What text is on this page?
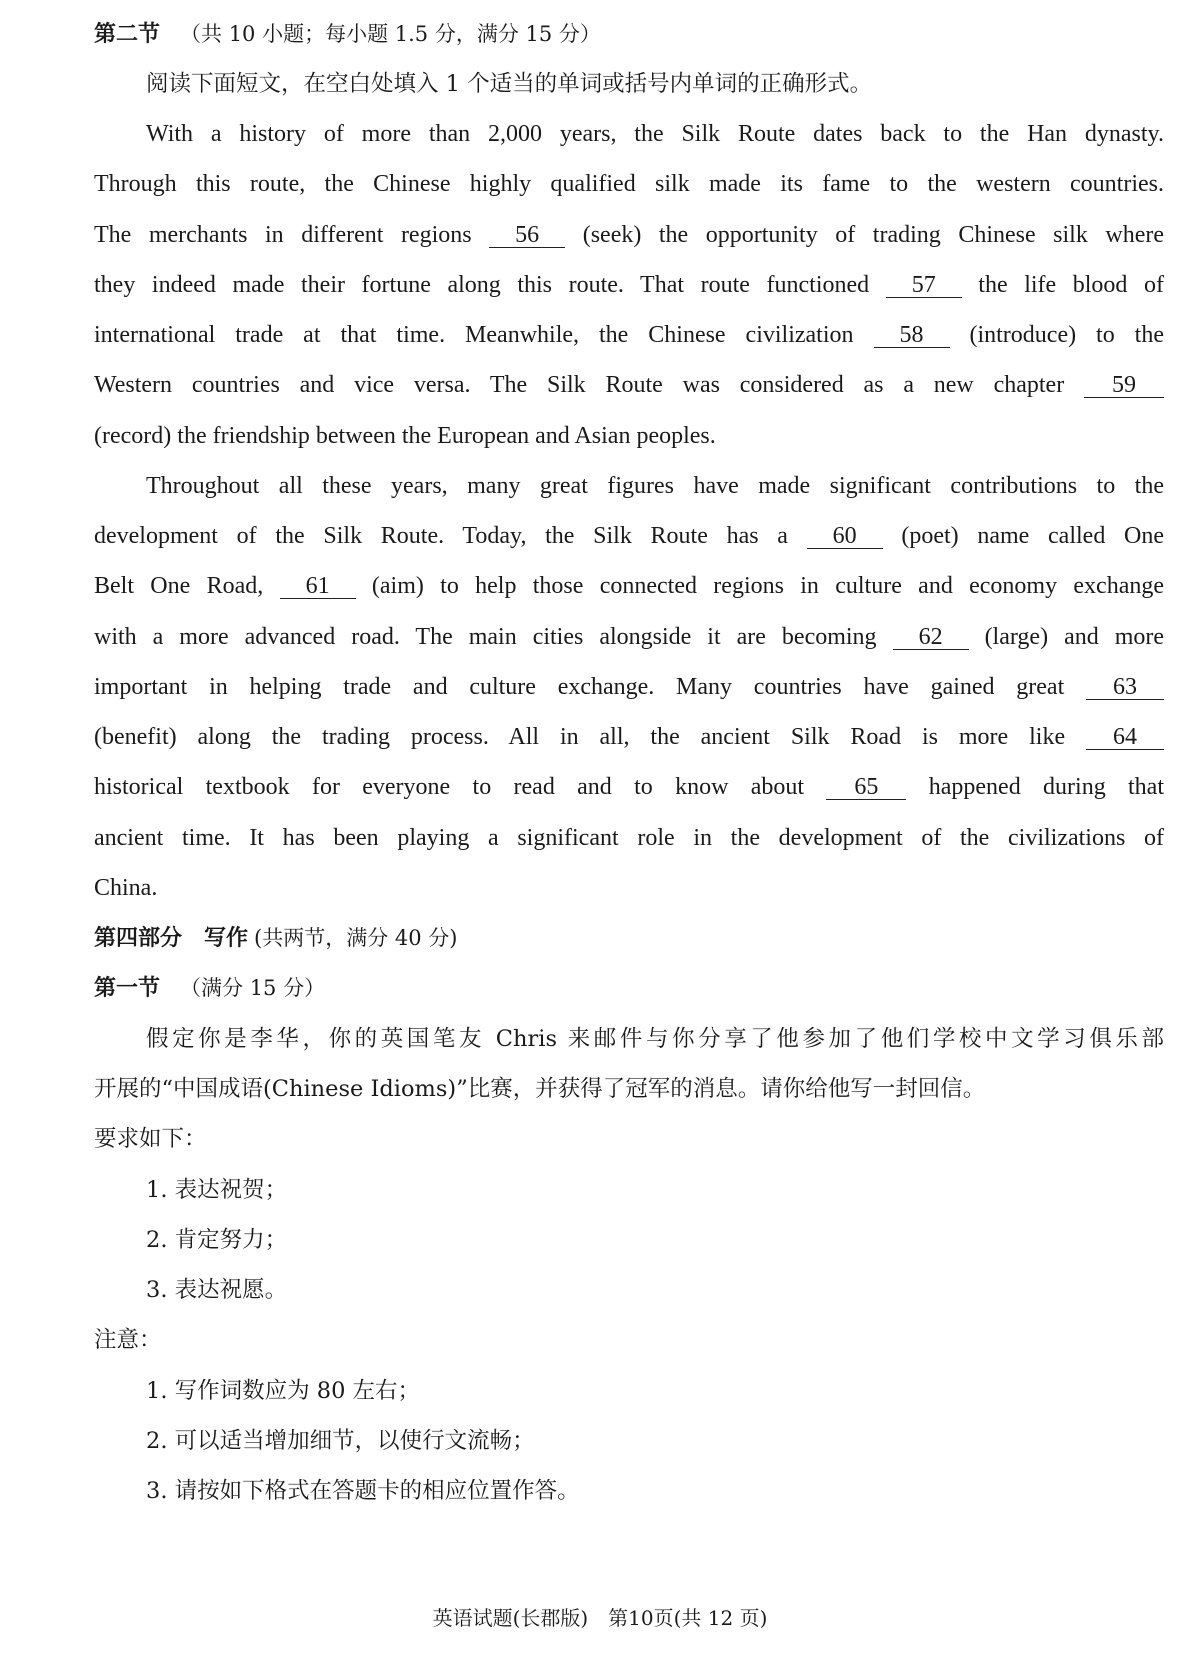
第二节 （共 10 小题；每小题 1.5 分，满分 15 分）
阅读下面短文，在空白处填入 1 个适当的单词或括号内单词的正确形式。
With a history of more than 2,000 years, the Silk Route dates back to the Han dynasty.
Through this route, the Chinese highly qualified silk made its fame to the western countries.
The merchants in different regions 56 (seek) the opportunity of trading Chinese silk where
they indeed made their fortune along this route. That route functioned 57 the life blood of
international trade at that time. Meanwhile, the Chinese civilization 58 (introduce) to the
Western countries and vice versa. The Silk Route was considered as a new chapter 59
(record) the friendship between the European and Asian peoples.
Throughout all these years, many great figures have made significant contributions to the
development of the Silk Route. Today, the Silk Route has a 60 (poet) name called One
Belt One Road, 61 (aim) to help those connected regions in culture and economy exchange
with a more advanced road. The main cities alongside it are becoming 62 (large) and more
important in helping trade and culture exchange. Many countries have gained great 63
(benefit) along the trading process. All in all, the ancient Silk Road is more like 64
historical textbook for everyone to read and to know about 65 happened during that
ancient time. It has been playing a significant role in the development of the civilizations of
China.
第四部分　写作 (共两节，满分 40 分)
第一节 （满分 15 分）
假定你是李华，你的英国笔友 Chris 来邮件与你分享了他参加了他们学校中文学习俱乐部
开展的“中国成语(Chinese Idioms)”比赛，并获得了冠军的消息。请你给他写一封回信。
要求如下：
1. 表达祝贺；
2. 肯定努力；
3. 表达祝愿。
注意：
1. 写作词数应为 80 左右；
2. 可以适当增加细节，以使行文流畅；
3. 请按如下格式在答题卡的相应位置作答。
英语试题(长郡版)　第10页(共 12 页)
